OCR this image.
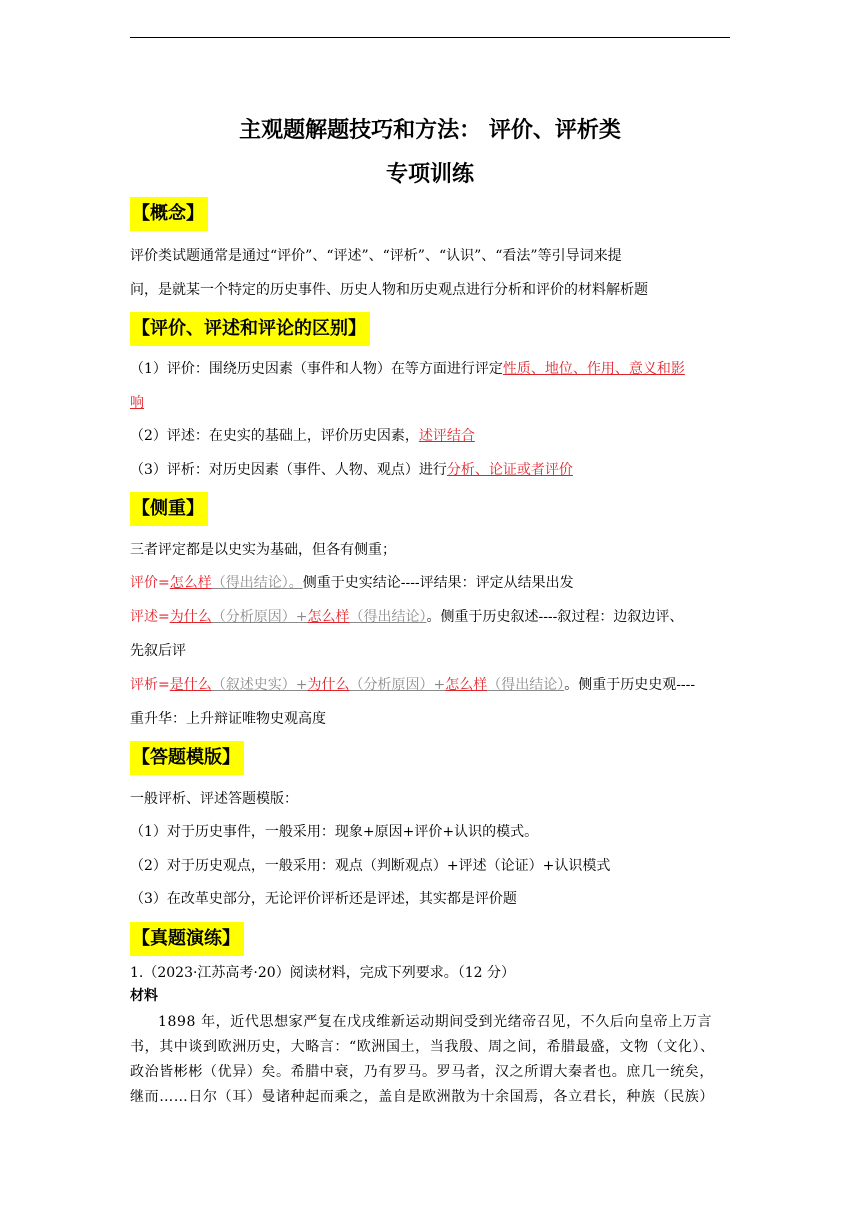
主观题解题技巧和方法： 评价、评析类
专项训练
【概念】
评价类试题通常是通过“评价”、“评述”、“评析”、“认识”、“看法”等引导词来提
问，是就某一个特定的历史事件、历史人物和历史观点进行分析和评价的材料解析题
【评价、评述和评论的区别】
（1）评价：围绕历史因素（事件和人物）在等方面进行评定性质、地位、作用、意义和影
响
（2）评述：在史实的基础上，评价历史因素，述评结合
（3）评析：对历史因素（事件、人物、观点）进行分析、论证或者评价
【侧重】
三者评定都是以史实为基础，但各有侧重；
评价=怎么样（得出结论）。侧重于史实结论----评结果：评定从结果出发
评述=为什么（分析原因）+怎么样（得出结论）。侧重于历史叙述----叙过程：边叙边评、
先叙后评
评析=是什么（叙述史实）+为什么（分析原因）+怎么样（得出结论）。侧重于历史史观----
重升华：上升辩证唯物史观高度
【答题模版】
一般评析、评述答题模版：
（1）对于历史事件，一般采用：现象+原因+评价+认识的模式。
（2）对于历史观点，一般采用：观点（判断观点）+评述（论证）+认识模式
（3）在改革史部分，无论评价评析还是评述，其实都是评价题
【真题演练】
1.（2023·江苏高考·20）阅读材料，完成下列要求。（12 分）
材料
1898 年，近代思想家严复在戊戌维新运动期间受到光绪帝召见，不久后向皇帝上万言
书，其中谈到欧洲历史，大略言：“欧洲国土，当我殷、周之间，希腊最盛，文物（文化）、
政治皆彬彬（优异）矣。希腊中衰，乃有罗马。罗马者，汉之所谓大秦者也。庶几一统矣，
继而……日尔（耳）曼诸种起而乘之，盖自是欧洲散为十余国焉，各立君长，种族（民族）
